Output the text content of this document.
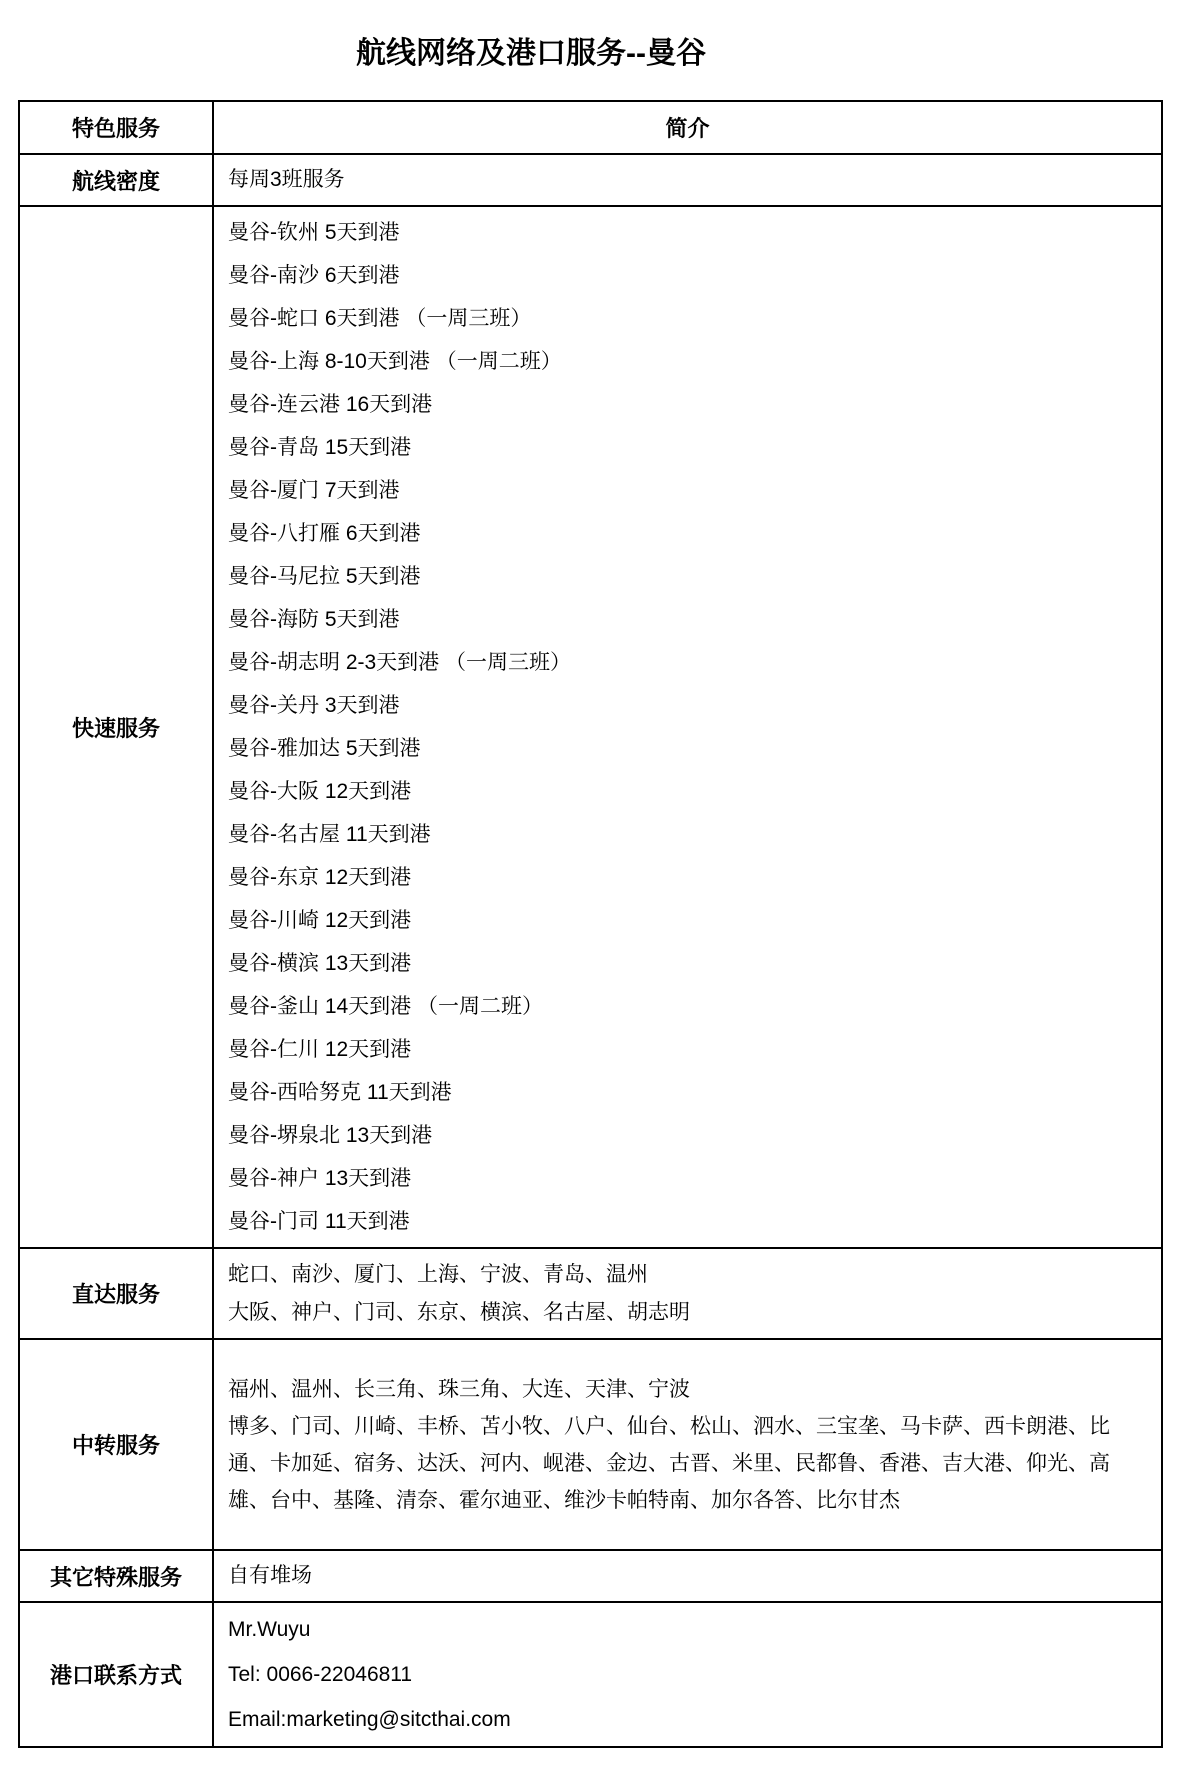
航线网络及港口服务--曼谷
特色服务	简介
航线密度	每周3班服务

快速服务	
曼谷-钦州 5天到港
曼谷-南沙 6天到港
曼谷-蛇口 6天到港 （一周三班）
曼谷-上海 8-10天到港 （一周二班）
曼谷-连云港 16天到港
曼谷-青岛 15天到港
曼谷-厦门 7天到港
曼谷-八打雁 6天到港
曼谷-马尼拉 5天到港
曼谷-海防 5天到港
曼谷-胡志明 2-3天到港 （一周三班）
曼谷-关丹 3天到港
曼谷-雅加达 5天到港
曼谷-大阪 12天到港
曼谷-名古屋 11天到港
曼谷-东京 12天到港
曼谷-川崎 12天到港
曼谷-横滨 13天到港
曼谷-釜山 14天到港 （一周二班）
曼谷-仁川 12天到港
曼谷-西哈努克 11天到港
曼谷-堺泉北 13天到港
曼谷-神户 13天到港
曼谷-门司 11天到港

直达服务	蛇口、南沙、厦门、上海、宁波、青岛、温州
大阪、神户、门司、东京、横滨、名古屋、胡志明

中转服务	福州、温州、长三角、珠三角、大连、天津、宁波
博多、门司、川崎、丰桥、苫小牧、八户、仙台、松山、泗水、三宝垄、马卡萨、西卡朗港、比通、卡加延、宿务、达沃、河内、岘港、金边、古晋、米里、民都鲁、香港、吉大港、仰光、高雄、台中、基隆、清奈、霍尔迪亚、维沙卡帕特南、加尔各答、比尔甘杰

其它特殊服务	自有堆场

港口联系方式	Mr.Wuyu
Tel: 0066-22046811
Email:marketing@sitcthai.com
